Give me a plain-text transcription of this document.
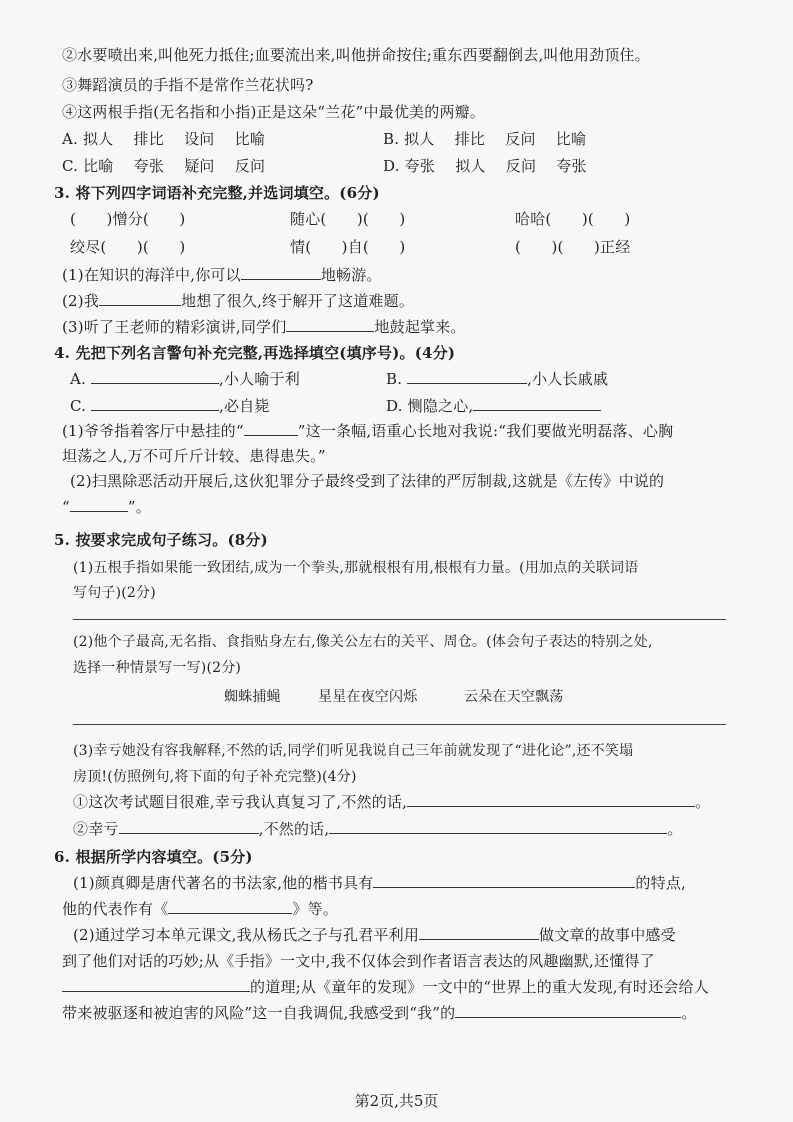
②水要喷出来,叫他死力抵住;血要流出来,叫他拼命按住;重东西要翻倒去,叫他用劲顶住。
③舞蹈演员的手指不是常作兰花状吗?
④这两根手指(无名指和小指)正是这朵“兰花”中最优美的两瓣。
A. 拟人　 排比　 设问　 比喻	B. 拟人　 排比　 反问　 比喻
C. 比喻　 夸张　 疑问　 反问	D. 夸张　 拟人　 反问　 夸张
3. 将下列四字词语补充完整,并选词填空。(6分)
(　　)憎分(　　)	随心(　　)(　　)	哈哈(　　)(　　)
绞尽(　　)(　　)	情(　　)自(　　)	(　　)(　　)正经
(1)在知识的海洋中,你可以	地畅游。
(2)我	地想了很久,终于解开了这道难题。
(3)听了王老师的精彩演讲,同学们	地鼓起掌来。
4. 先把下列名言警句补充完整,再选择填空(填序号)。(4分)
A.	,小人喻于利	B.	,小人长戚戚
C.	,必自毙	D. 恻隐之心,
(1)爷爷指着客厅中悬挂的“	”这一条幅,语重心长地对我说:“我们要做光明磊落、心胸
坦荡之人,万不可斤斤计较、患得患失。”
(2)扫黑除恶活动开展后,这伙犯罪分子最终受到了法律的严厉制裁,这就是《左传》中说的
“	”。
5. 按要求完成句子练习。(8分)
(1)五根手指如果能一致团结,成为一个拳头,那就根根有用,根根有力量。(用加点的关联词语
写句子)(2分)
(2)他个子最高,无名指、食指贴身左右,像关公左右的关平、周仓。(体会句子表达的特别之处,
选择一种情景写一写)(2分)
蜘蛛捕蝇	星星在夜空闪烁	云朵在天空飘荡
(3)幸亏她没有容我解释,不然的话,同学们听见我说自己三年前就发现了“进化论”,还不笑塌
房顶!(仿照例句,将下面的句子补充完整)(4分)
①这次考试题目很难,幸亏我认真复习了,不然的话,	。
②幸亏	,不然的话,	。
6. 根据所学内容填空。(5分)
(1)颜真卿是唐代著名的书法家,他的楷书具有	的特点,
他的代表作有《	》等。
(2)通过学习本单元课文,我从杨氏之子与孔君平利用	做文章的故事中感受
到了他们对话的巧妙;从《手指》一文中,我不仅体会到作者语言表达的风趣幽默,还懂得了
的道理;从《童年的发现》一文中的“世界上的重大发现,有时还会给人
带来被驱逐和被迫害的风险”这一自我调侃,我感受到“我”的	。
第2页,共5页
